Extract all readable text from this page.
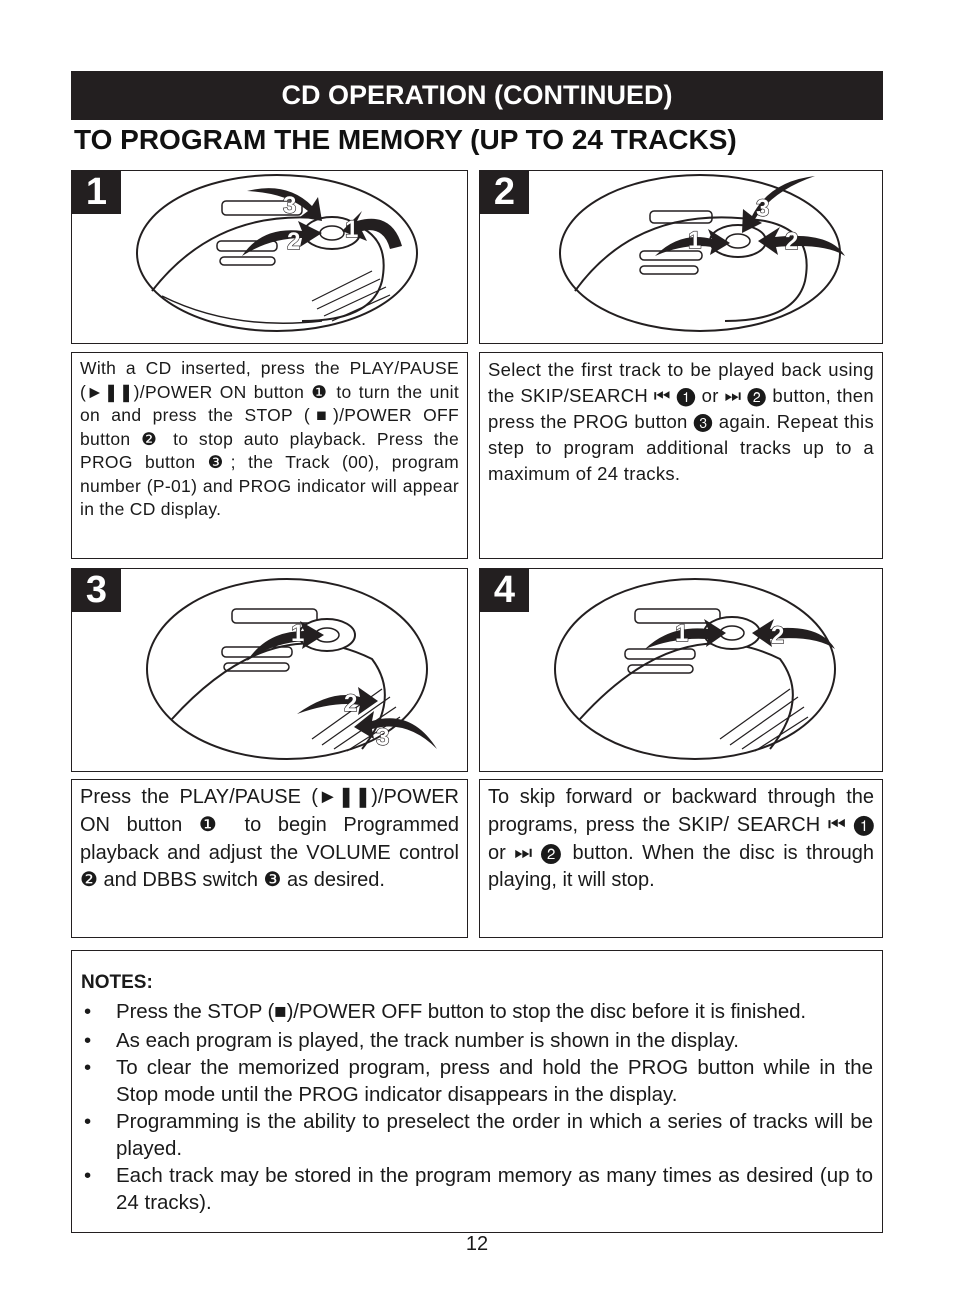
CD OPERATION (CONTINUED)
TO PROGRAM THE MEMORY (UP TO 24 TRACKS)
1
2
3
1
1	2
3
2

With a CD inserted, press the PLAY/PAUSE (►❚❚)/POWER ON button ❶ to turn the unit on and press the STOP (■)/POWER OFF button ❷ to stop auto playback. Press the PROG button ❸; the Track (00), program number (P-01) and PROG indicator will appear in the CD display.

Select the first track to be played back using the SKIP/SEARCH ⏮ ❶ or ⏭ ❷ button, then press the PROG button ❸ again. Repeat this step to program additional tracks up to a maximum of 24 tracks.

1
2
3
3
1	2
4

Press the PLAY/PAUSE (►❚❚)/POWER ON button ❶ to begin Programmed playback and adjust the VOLUME control ❷ and DBBS switch ❸ as desired.

To skip forward or backward through the programs, press the SKIP/ SEARCH ⏮ ❶ or ⏭ ❷ button. When the disc is through playing, it will stop.

NOTES:
• Press the STOP (■)/POWER OFF button to stop the disc before it is finished.
• As each program is played, the track number is shown in the display.
• To clear the memorized program, press and hold the PROG button while in the Stop mode until the PROG indicator disappears in the display.
• Programming is the ability to preselect the order in which a series of tracks will be played.
• Each track may be stored in the program memory as many times as desired (up to 24 tracks).
12
